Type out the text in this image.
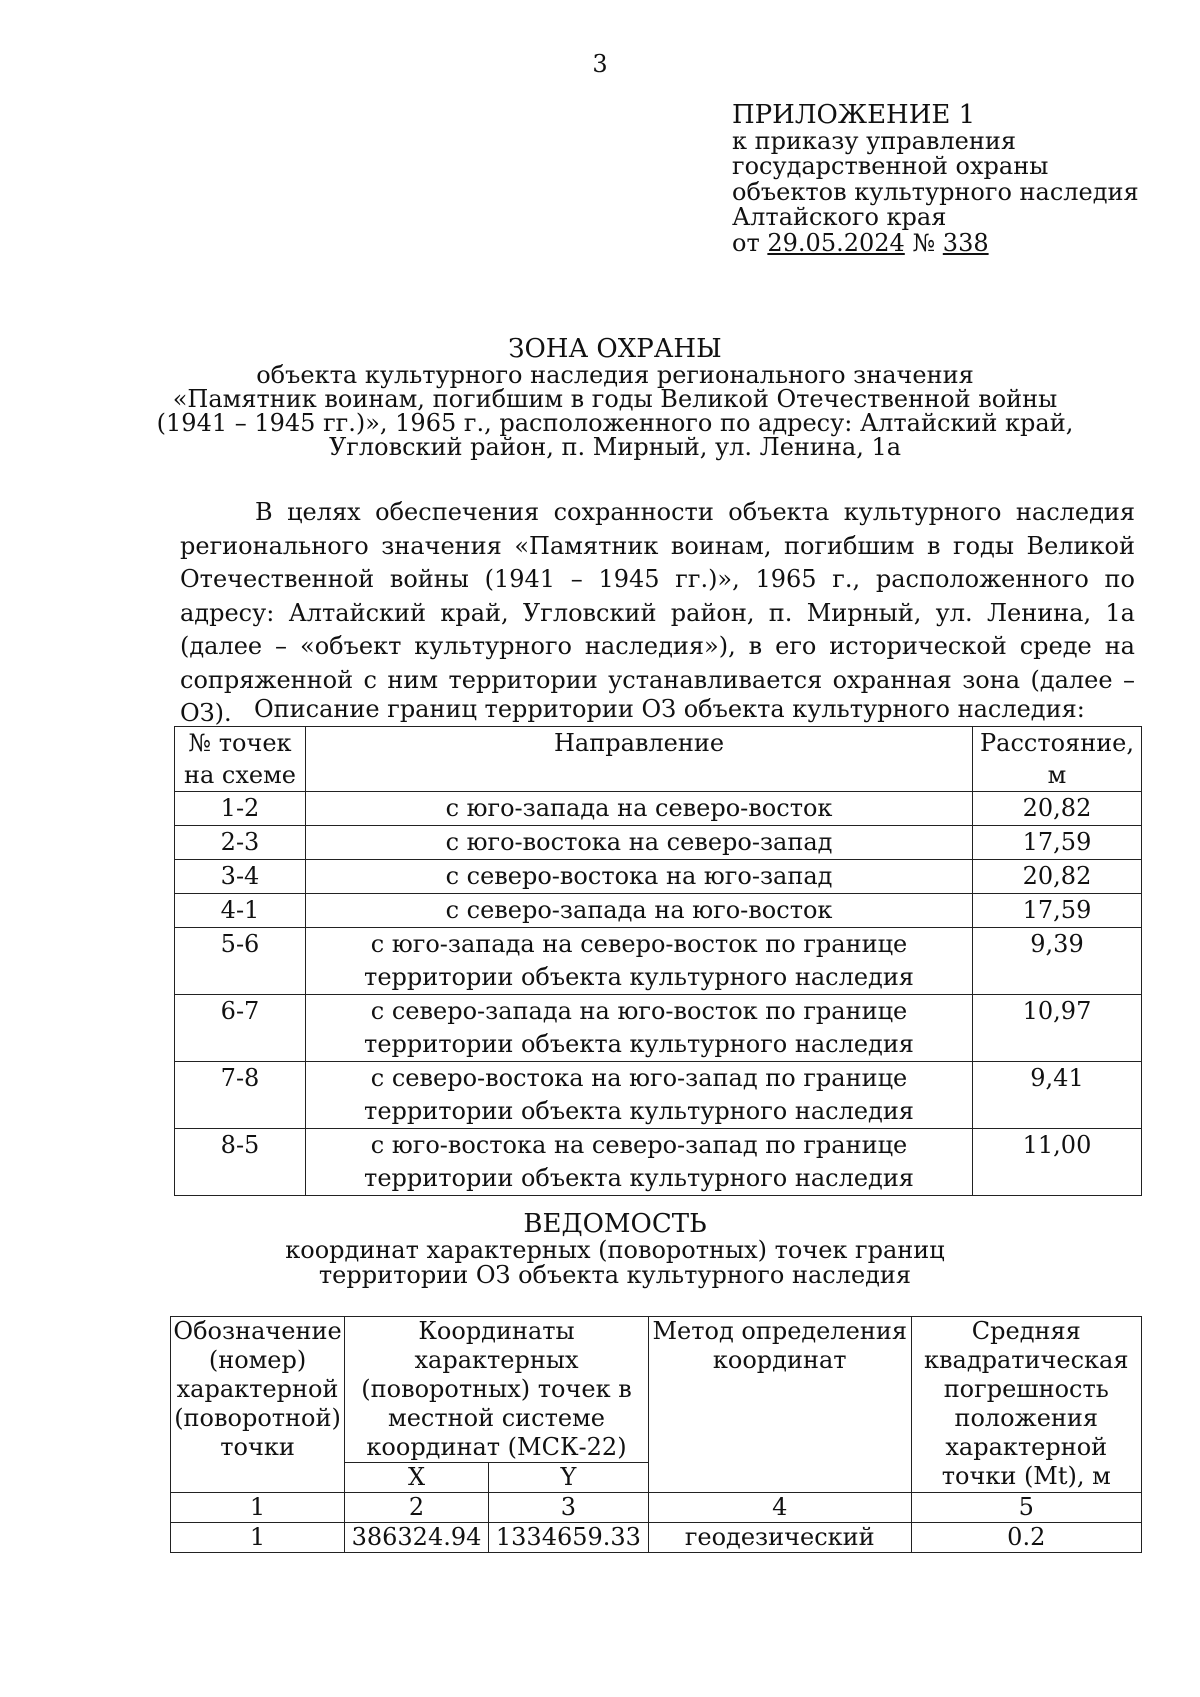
3
ПРИЛОЖЕНИЕ 1
к приказу управления
государственной охраны
объектов культурного наследия
Алтайского края
от 29.05.2024 № 338
ЗОНА ОХРАНЫ
объекта культурного наследия регионального значения
«Памятник воинам, погибшим в годы Великой Отечественной войны
(1941 – 1945 гг.)», 1965 г., расположенного по адресу: Алтайский край,
Угловский район, п. Мирный, ул. Ленина, 1а
В целях обеспечения сохранности объекта культурного наследия регионального значения «Памятник воинам, погибшим в годы Великой Отечественной войны (1941 – 1945 гг.)», 1965 г., расположенного по адресу: Алтайский край, Угловский район, п. Мирный, ул. Ленина, 1а (далее – «объект культурного наследия»), в его исторической среде на сопряженной с ним территории устанавливается охранная зона (далее – ОЗ). Описание границ территории ОЗ объекта культурного наследия:
№ точек на схеме	Направление	Расстояние, м
1-2	с юго-запада на северо-восток	20,82
2-3	с юго-востока на северо-запад	17,59
3-4	с северо-востока на юго-запад	20,82
4-1	с северо-запада на юго-восток	17,59
5-6	с юго-запада на северо-восток по границе территории объекта культурного наследия	9,39
6-7	с северо-запада на юго-восток по границе территории объекта культурного наследия	10,97
7-8	с северо-востока на юго-запад по границе территории объекта культурного наследия	9,41
8-5	с юго-востока на северо-запад по границе территории объекта культурного наследия	11,00
ВЕДОМОСТЬ
координат характерных (поворотных) точек границ
территории ОЗ объекта культурного наследия
Обозначение (номер) характерной (поворотной) точки	Координаты характерных (поворотных) точек в местной системе координат (МСК-22)		Метод определения координат	Средняя квадратическая погрешность положения характерной точки (Mt), м
	X	Y		
1	2	3	4	5
1	386324.94	1334659.33	геодезический	0.2
